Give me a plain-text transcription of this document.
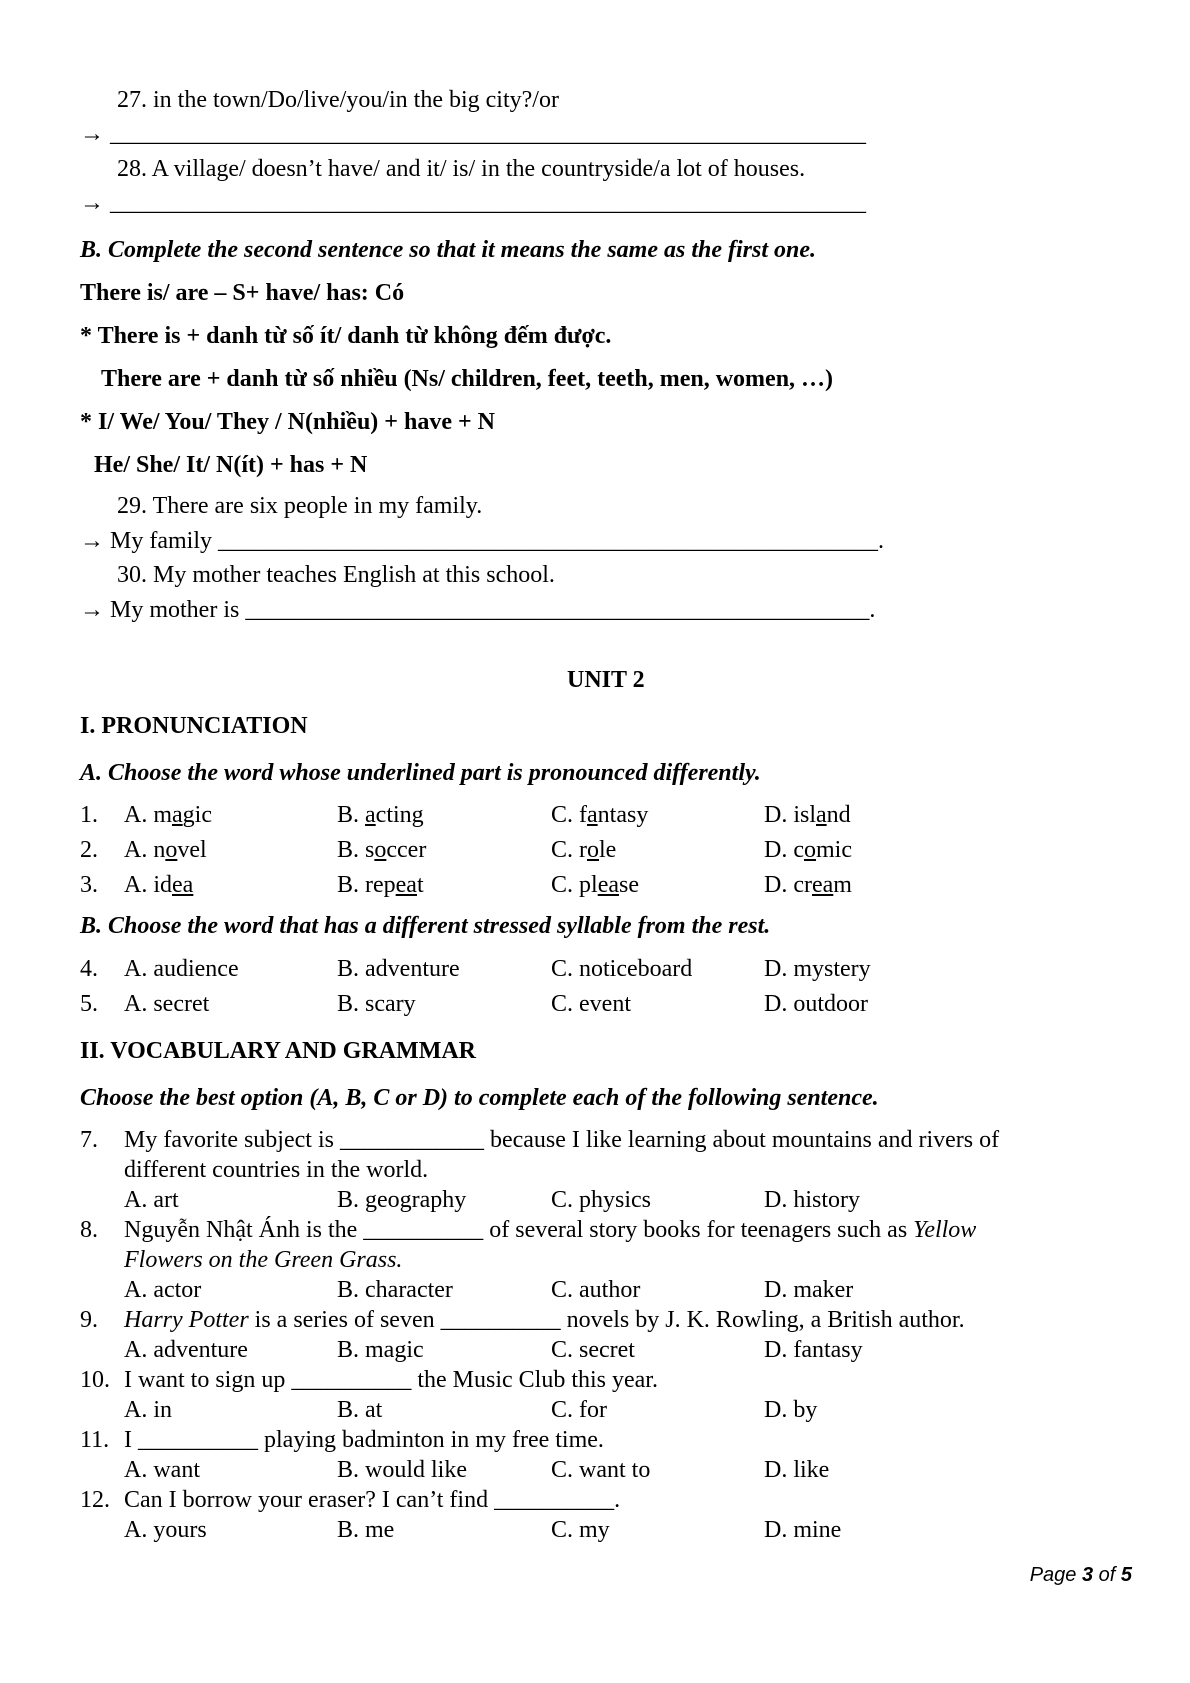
27. in the town/Do/live/you/in the big city?/or
→ _______________________________________________________________
28. A village/ doesn’t have/ and it/ is/ in the countryside/a lot of houses.
→ _______________________________________________________________
B. Complete the second sentence so that it means the same as the first one.
There is/ are – S+ have/ has: Có
* There is + danh từ số ít/ danh từ không đếm được.
There are + danh từ số nhiều (Ns/ children, feet, teeth, men, women, …)
* I/ We/ You/ They / N(nhiều) + have + N
He/ She/ It/ N(ít) + has + N
29. There are six people in my family.
→ My family _______________________________________________________.
30. My mother teaches English at this school.
→ My mother is ____________________________________________________.
UNIT 2
I. PRONUNCIATION
A. Choose the word whose underlined part is pronounced differently.
1. A. magic	B. acting	C. fantasy	D. island
2. A. novel	B. soccer	C. role	D. comic
3. A. idea	B. repeat	C. please	D. cream
B. Choose the word that has a different stressed syllable from the rest.
4. A. audience	B. adventure	C. noticeboard	D. mystery
5. A. secret	B. scary	C. event	D. outdoor
II. VOCABULARY AND GRAMMAR
Choose the best option (A, B, C or D) to complete each of the following sentence.
7. My favorite subject is ____________ because I like learning about mountains and rivers of
different countries in the world.
A. art	B. geography	C. physics	D. history
8. Nguyễn Nhật Ánh is the __________ of several story books for teenagers such as Yellow
Flowers on the Green Grass.
A. actor	B. character	C. author	D. maker
9. Harry Potter is a series of seven __________ novels by J. K. Rowling, a British author.
A. adventure	B. magic	C. secret	D. fantasy
10. I want to sign up __________ the Music Club this year.
A. in	B. at	C. for	D. by
11. I __________ playing badminton in my free time.
A. want	B. would like	C. want to	D. like
12. Can I borrow your eraser? I can’t find __________.
A. yours	B. me	C. my	D. mine
Page 3 of 5
